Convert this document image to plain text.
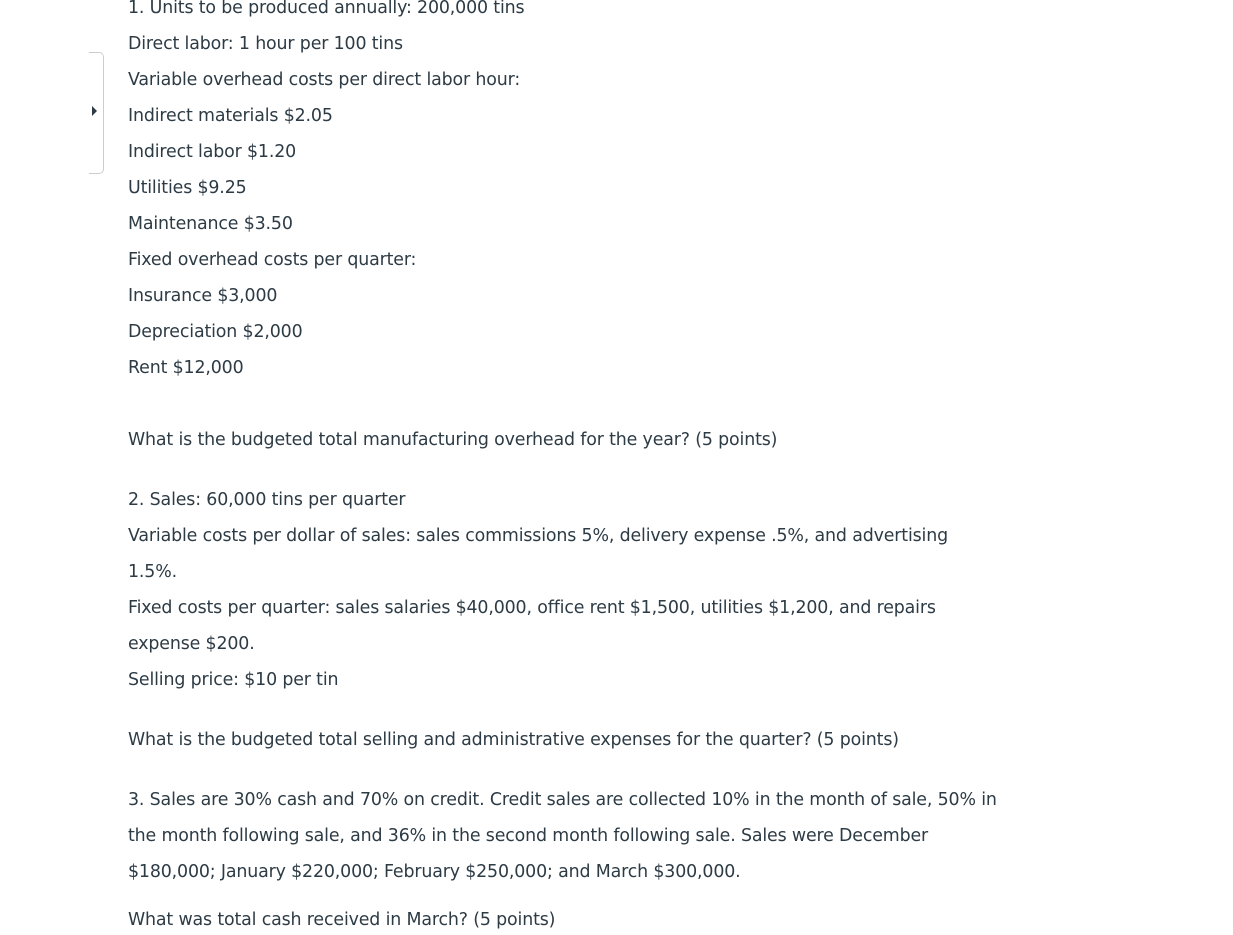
1. Units to be produced annually: 200,000 tins

Direct labor: 1 hour per 100 tins

Variable overhead costs per direct labor hour:

Indirect materials $2.05

Indirect labor $1.20

Utilities $9.25

Maintenance $3.50

Fixed overhead costs per quarter:

Insurance $3,000

Depreciation $2,000

Rent $12,000

What is the budgeted total manufacturing overhead for the year? (5 points)

2. Sales: 60,000 tins per quarter

Variable costs per dollar of sales: sales commissions 5%, delivery expense .5%, and advertising 1.5%.

Fixed costs per quarter: sales salaries $40,000, office rent $1,500, utilities $1,200, and repairs expense $200.

Selling price: $10 per tin

What is the budgeted total selling and administrative expenses for the quarter? (5 points)

3. Sales are 30% cash and 70% on credit. Credit sales are collected 10% in the month of sale, 50% in the month following sale, and 36% in the second month following sale. Sales were December $180,000; January $220,000; February $250,000; and March $300,000.

What was total cash received in March? (5 points)
